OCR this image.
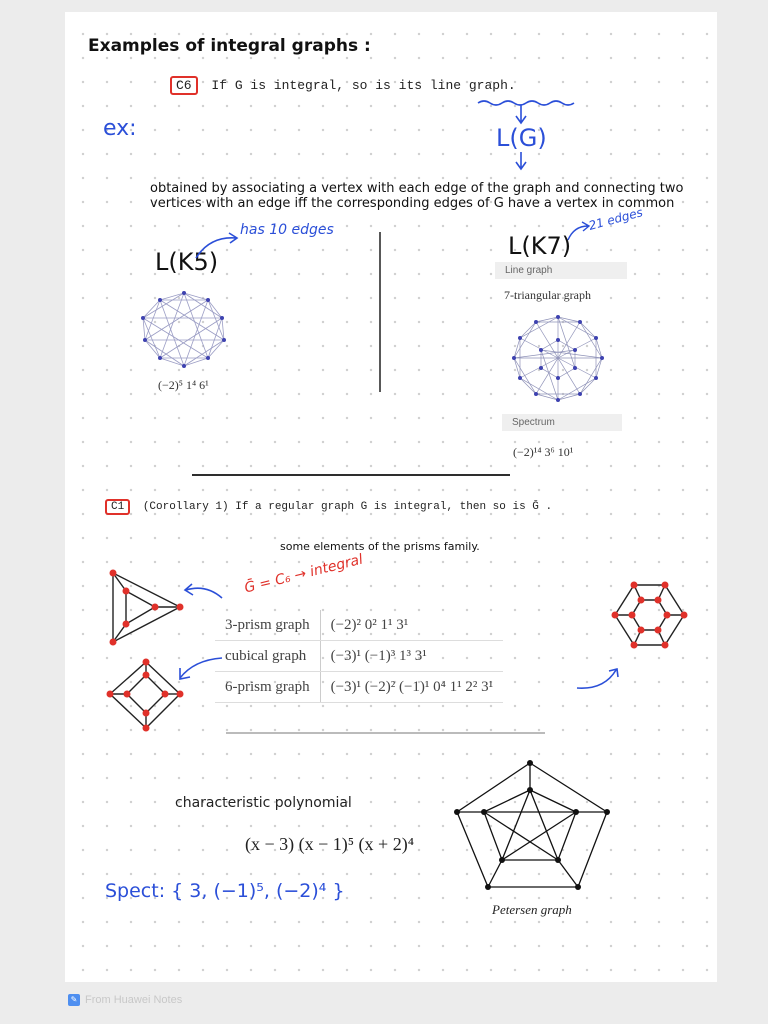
Examples of integral graphs :
C6 If G is integral, so is its line graph.
ex:	L(G)
obtained by associating a vertex with each edge of the graph and connecting two
vertices with an edge iff the corresponding edges of G have a vertex in common
L(K5)
has 10 edges
(−2)⁵ 1⁴ 6¹
L(K7)
21 edges
Line graph
7-triangular graph
Spectrum
(−2)¹⁴ 3⁶ 10¹
C1 (Corollary 1) If a regular graph G is integral, then so is Ḡ .
some elements of the prisms family.
Ḡ = C₆ → integral
3-prism graph	(−2)² 0² 1¹ 3¹
cubical graph	(−3)¹ (−1)³ 1³ 3¹
6-prism graph	(−3)¹ (−2)² (−1)¹ 0⁴ 1¹ 2² 3¹
characteristic polynomial
(x − 3) (x − 1)⁵ (x + 2)⁴
Spect: { 3, (−1)⁵, (−2)⁴ }
Petersen graph
✎ From Huawei Notes
